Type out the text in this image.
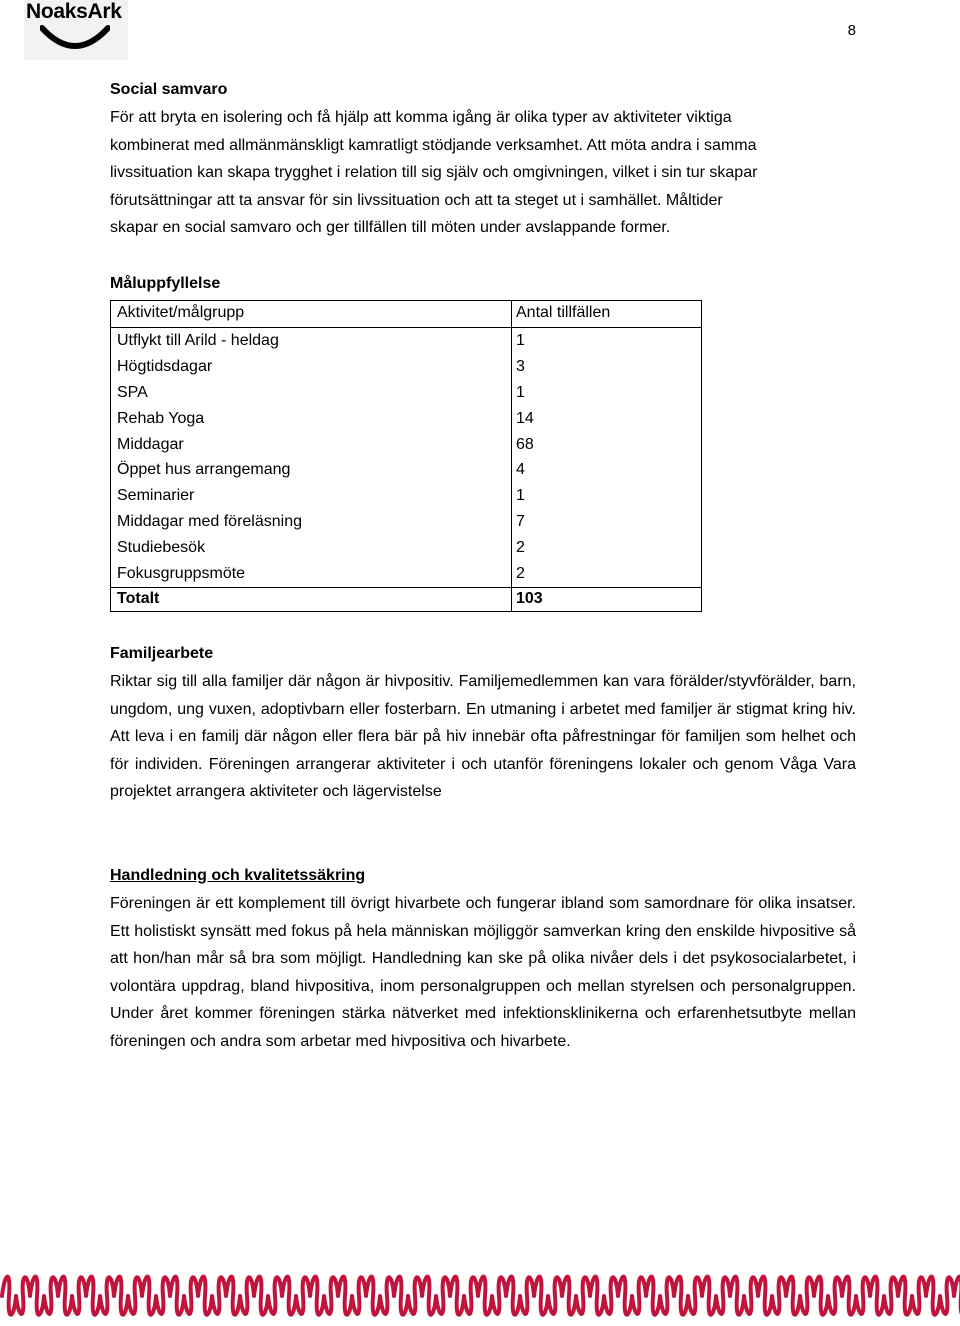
NoaksArk
8

Social samvaro

För att bryta en isolering och få hjälp att komma igång är olika typer av aktiviteter viktiga

kombinerat med allmänmänskligt kamratligt stödjande verksamhet. Att möta andra i samma

livssituation kan skapa trygghet i relation till sig själv och omgivningen, vilket i sin tur skapar

förutsättningar att ta ansvar för sin livssituation och att ta steget ut i samhället. Måltider

skapar en social samvaro och ger tillfällen till möten under avslappande former.

Måluppfyllelse
Aktivitet/målgrupp	Antal tillfällen
Utflykt till Arild - heldag	1
Högtidsdagar	3
SPA	1
Rehab Yoga	14
Middagar	68
Öppet hus arrangemang	4
Seminarier	1
Middagar med föreläsning	7
Studiebesök	2
Fokusgruppsmöte	2
Totalt	103

Familjearbete

Riktar sig till alla familjer där någon är hivpositiv. Familjemedlemmen kan vara förälder/styvförälder, barn, ungdom, ung vuxen, adoptivbarn eller fosterbarn. En utmaning i arbetet med familjer är stigmat kring hiv. Att leva i en familj där någon eller flera bär på hiv innebär ofta påfrestningar för familjen som helhet och för individen. Föreningen arrangerar aktiviteter i och utanför föreningens lokaler och genom Våga Vara projektet arrangera aktiviteter och lägervistelse

Handledning och kvalitetssäkring

Föreningen är ett komplement till övrigt hivarbete och fungerar ibland som samordnare för olika insatser. Ett holistiskt synsätt med fokus på hela människan möjliggör samverkan kring den enskilde hivpositive så att hon/han mår så bra som möjligt. Handledning kan ske på olika nivåer dels i det psykosocialarbetet, i volontära uppdrag, bland hivpositiva, inom personalgruppen och mellan styrelsen och personalgruppen. Under året kommer föreningen stärka nätverket med infektionsklinikerna och erfarenhetsutbyte mellan föreningen och andra som arbetar med hivpositiva och hivarbete.
